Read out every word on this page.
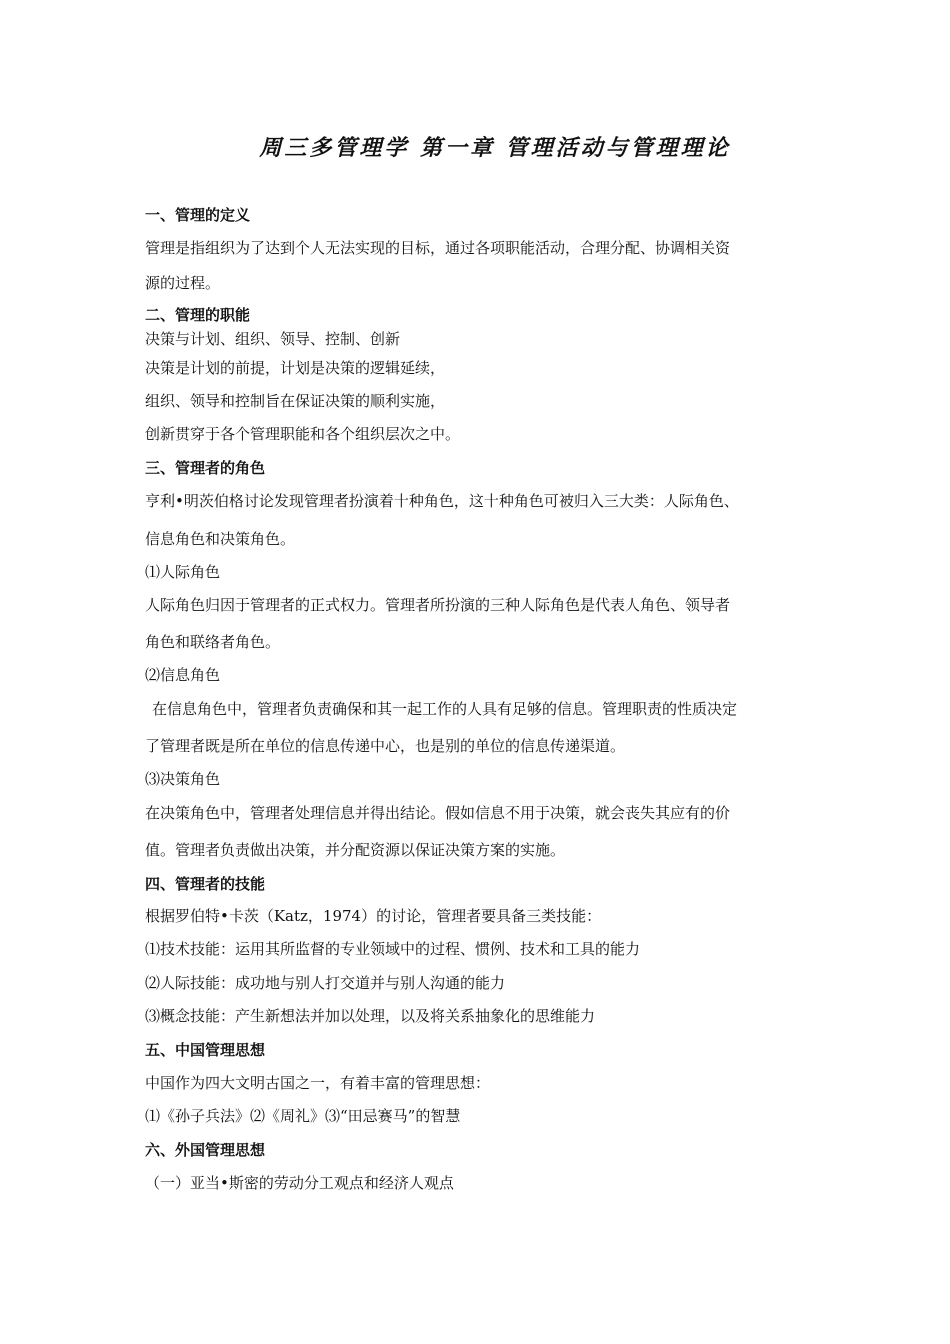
周三多管理学 第一章 管理活动与管理理论
一、管理的定义
管理是指组织为了达到个人无法实现的目标，通过各项职能活动，合理分配、协调相关资
源的过程。
二、管理的职能
决策与计划、组织、领导、控制、创新
决策是计划的前提，计划是决策的逻辑延续，
组织、领导和控制旨在保证决策的顺利实施，
创新贯穿于各个管理职能和各个组织层次之中。
三、管理者的角色
亨利•明茨伯格讨论发现管理者扮演着十种角色，这十种角色可被归入三大类：人际角色、
信息角色和决策角色。
⑴人际角色
人际角色归因于管理者的正式权力。管理者所扮演的三种人际角色是代表人角色、领导者
角色和联络者角色。
⑵信息角色
在信息角色中，管理者负责确保和其一起工作的人具有足够的信息。管理职责的性质决定
了管理者既是所在单位的信息传递中心，也是别的单位的信息传递渠道。
⑶决策角色
在决策角色中，管理者处理信息并得出结论。假如信息不用于决策，就会丧失其应有的价
值。管理者负责做出决策，并分配资源以保证决策方案的实施。
四、管理者的技能
根据罗伯特•卡茨（Katz，1974）的讨论，管理者要具备三类技能：
⑴技术技能：运用其所监督的专业领域中的过程、惯例、技术和工具的能力
⑵人际技能：成功地与别人打交道并与别人沟通的能力
⑶概念技能：产生新想法并加以处理，以及将关系抽象化的思维能力
五、中国管理思想
中国作为四大文明古国之一，有着丰富的管理思想：
⑴《孙子兵法》⑵《周礼》⑶“田忌赛马”的智慧
六、外国管理思想
（一）亚当•斯密的劳动分工观点和经济人观点
